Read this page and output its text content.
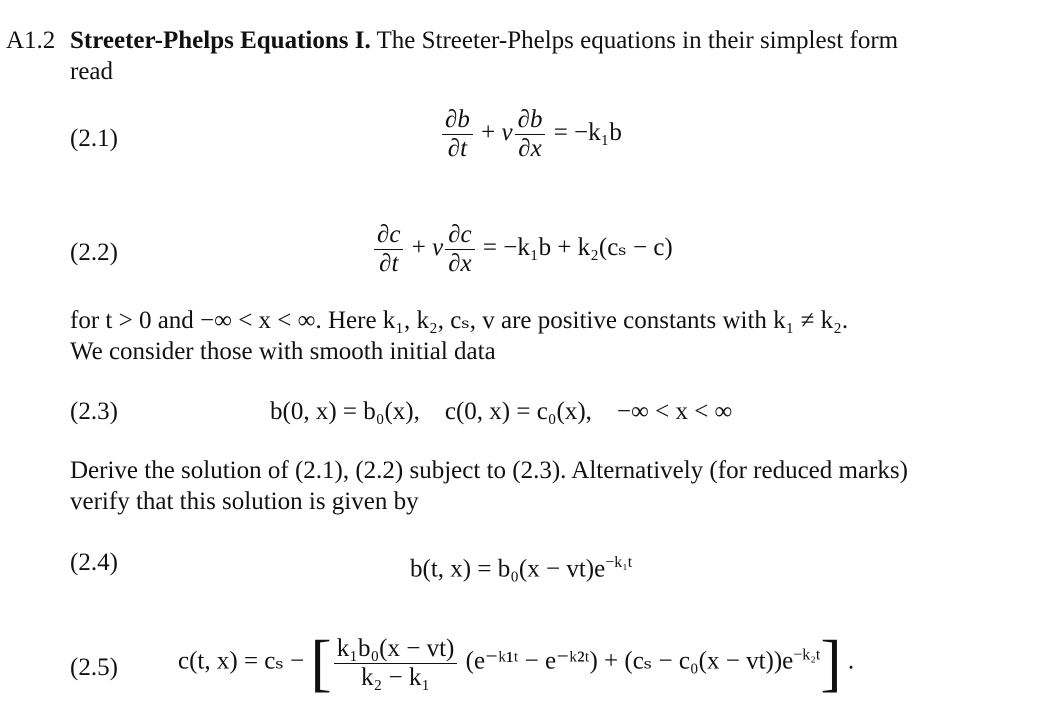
A1.2 Streeter-Phelps Equations I. The Streeter-Phelps equations in their simplest form
read
(2.1)	$\frac{\partial b}{\partial t} + v \frac{\partial b}{\partial x} = -k_1b$
(2.2)	$\frac{\partial c}{\partial t} + v \frac{\partial c}{\partial x} = -k_1b + k_2(c_s - c)$
for t > 0 and −∞ < x < ∞. Here k₁, k₂, cₛ, v are positive constants with k₁ ≠ k₂.
We consider those with smooth initial data
(2.3)	b(0, x) = b₀(x),    c(0, x) = c₀(x),    −∞ < x < ∞
Derive the solution of (2.1), (2.2) subject to (2.3). Alternatively (for reduced marks)
verify that this solution is given by
(2.4)	b(t, $x) = b_0(x - vt)e^{-k_1t}$
(2.5) c(t, x) = cₛ − [ $\frac{\text{k₁b₀(x − vt)}}{\text{k₂ − k₁}}$ (e⁻ᵏ¹ᵗ − e⁻ᵏ²ᵗ) + $(c_s - c_0(x - vt))e^{-k_2t}$] .
